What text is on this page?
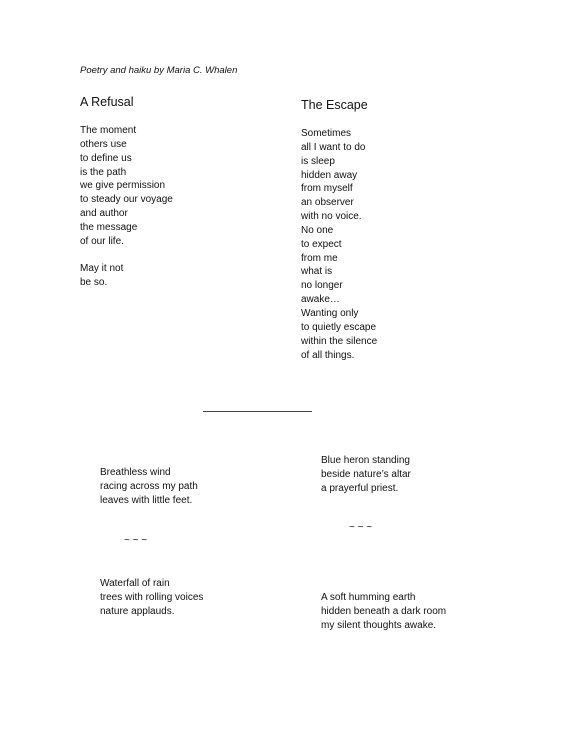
Poetry and haiku by Maria C. Whalen
A Refusal
The moment
others use
to define us
is the path
we give permission
to steady our voyage
and author
the message
of our life.
May it not
be so.
The Escape
Sometimes
all I want to do
is sleep
hidden away
from myself
an observer
with no voice.
No one
to expect
from me
what is
no longer
awake…
Wanting only
to quietly escape
within the silence
of all things.
Breathless wind
racing across my path
leaves with little feet.
Blue heron standing
beside nature’s altar
a prayerful priest.
~ ~ ~
~ ~ ~
Waterfall of rain
trees with rolling voices
nature applauds.
A soft humming earth
hidden beneath a dark room
my silent thoughts awake.
